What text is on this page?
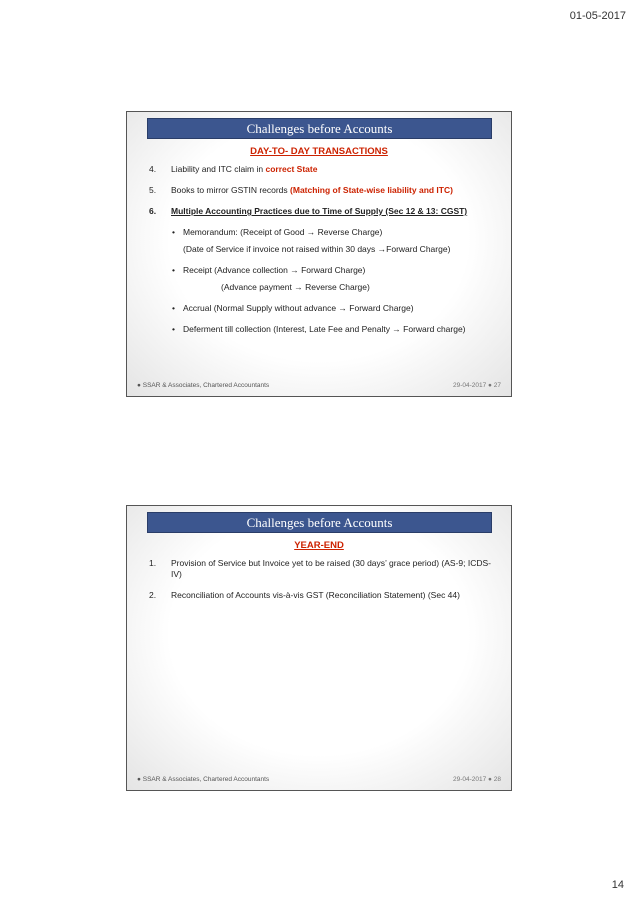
01-05-2017
Challenges before Accounts
DAY-TO- DAY TRANSACTIONS
4.	Liability and ITC claim in correct State
5.	Books to mirror GSTIN records (Matching of State-wise liability and ITC)
6.	Multiple Accounting Practices due to Time of Supply (Sec 12 & 13: CGST)
• Memorandum: (Receipt of Good → Reverse Charge)
(Date of Service if invoice not raised within 30 days →Forward Charge)
• Receipt (Advance collection → Forward Charge)
(Advance payment → Reverse Charge)
• Accrual (Normal Supply without advance → Forward Charge)
• Deferment till collection (Interest, Late Fee and Penalty → Forward charge)
● SSAR & Associates, Chartered Accountants	29-04-2017 ● 27
Challenges before Accounts
YEAR-END
1.	Provision of Service but Invoice yet to be raised (30 days’ grace period) (AS-9; ICDS-IV)
2.	Reconciliation of Accounts vis-à-vis GST (Reconciliation Statement) (Sec 44)
● SSAR & Associates, Chartered Accountants	29-04-2017 ● 28
14
